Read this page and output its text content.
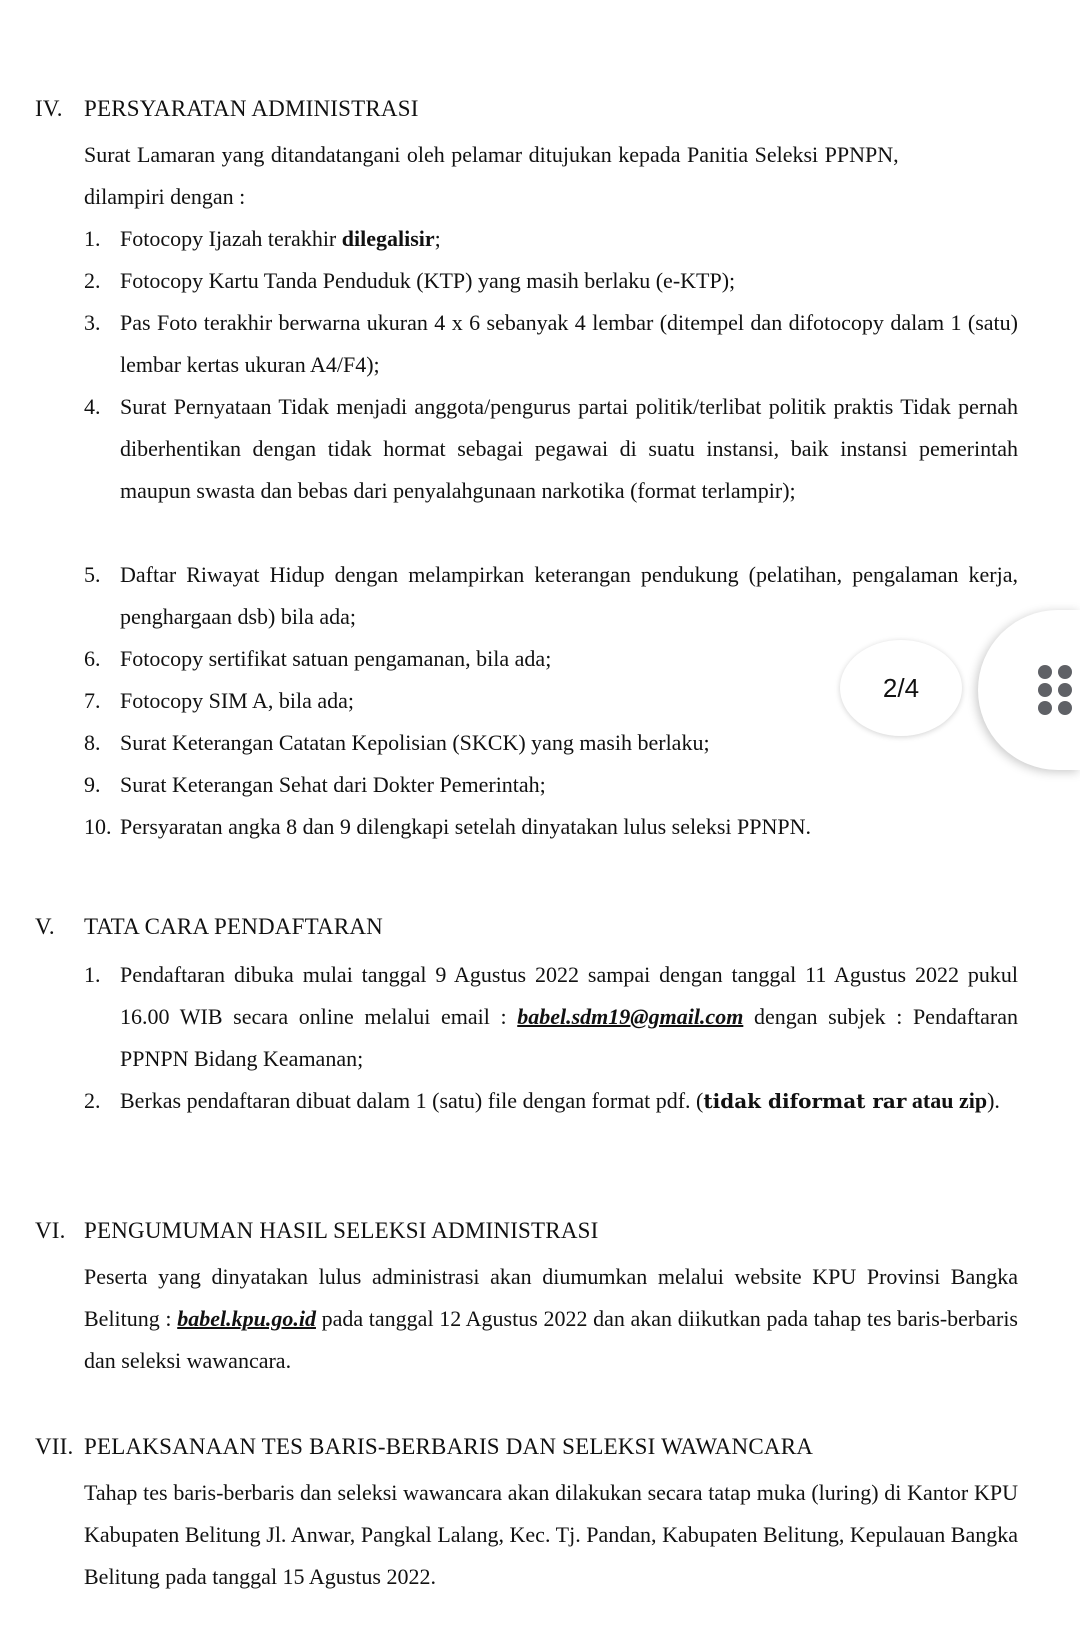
IV. PERSYARATAN ADMINISTRASI
Surat Lamaran yang ditandatangani oleh pelamar ditujukan kepada Panitia Seleksi PPNPN,
dilampiri dengan :
1. Fotocopy Ijazah terakhir dilegalisir;
2. Fotocopy Kartu Tanda Penduduk (KTP) yang masih berlaku (e-KTP);
3. Pas Foto terakhir berwarna ukuran 4 x 6 sebanyak 4 lembar (ditempel dan difotocopy dalam 1 (satu) lembar kertas ukuran A4/F4);
4. Surat Pernyataan Tidak menjadi anggota/pengurus partai politik/terlibat politik praktis Tidak pernah diberhentikan dengan tidak hormat sebagai pegawai di suatu instansi, baik instansi pemerintah maupun swasta dan bebas dari penyalahgunaan narkotika (format terlampir);
5. Daftar Riwayat Hidup dengan melampirkan keterangan pendukung (pelatihan, pengalaman kerja, penghargaan dsb) bila ada;
6. Fotocopy sertifikat satuan pengamanan, bila ada;
7. Fotocopy SIM A, bila ada;
8. Surat Keterangan Catatan Kepolisian (SKCK) yang masih berlaku;
9. Surat Keterangan Sehat dari Dokter Pemerintah;
10. Persyaratan angka 8 dan 9 dilengkapi setelah dinyatakan lulus seleksi PPNPN.
V. TATA CARA PENDAFTARAN
1. Pendaftaran dibuka mulai tanggal 9 Agustus 2022 sampai dengan tanggal 11 Agustus 2022 pukul 16.00 WIB secara online melalui email : babel.sdm19@gmail.com dengan subjek : Pendaftaran PPNPN Bidang Keamanan;
2. Berkas pendaftaran dibuat dalam 1 (satu) file dengan format pdf. (tidak diformat rar atau zip).
VI. PENGUMUMAN HASIL SELEKSI ADMINISTRASI
Peserta yang dinyatakan lulus administrasi akan diumumkan melalui website KPU Provinsi Bangka Belitung : babel.kpu.go.id pada tanggal 12 Agustus 2022 dan akan diikutkan pada tahap tes baris-berbaris dan seleksi wawancara.
VII. PELAKSANAAN TES BARIS-BERBARIS DAN SELEKSI WAWANCARA
Tahap tes baris-berbaris dan seleksi wawancara akan dilakukan secara tatap muka (luring) di Kantor KPU Kabupaten Belitung Jl. Anwar, Pangkal Lalang, Kec. Tj. Pandan, Kabupaten Belitung, Kepulauan Bangka Belitung pada tanggal 15 Agustus 2022.
2/4
